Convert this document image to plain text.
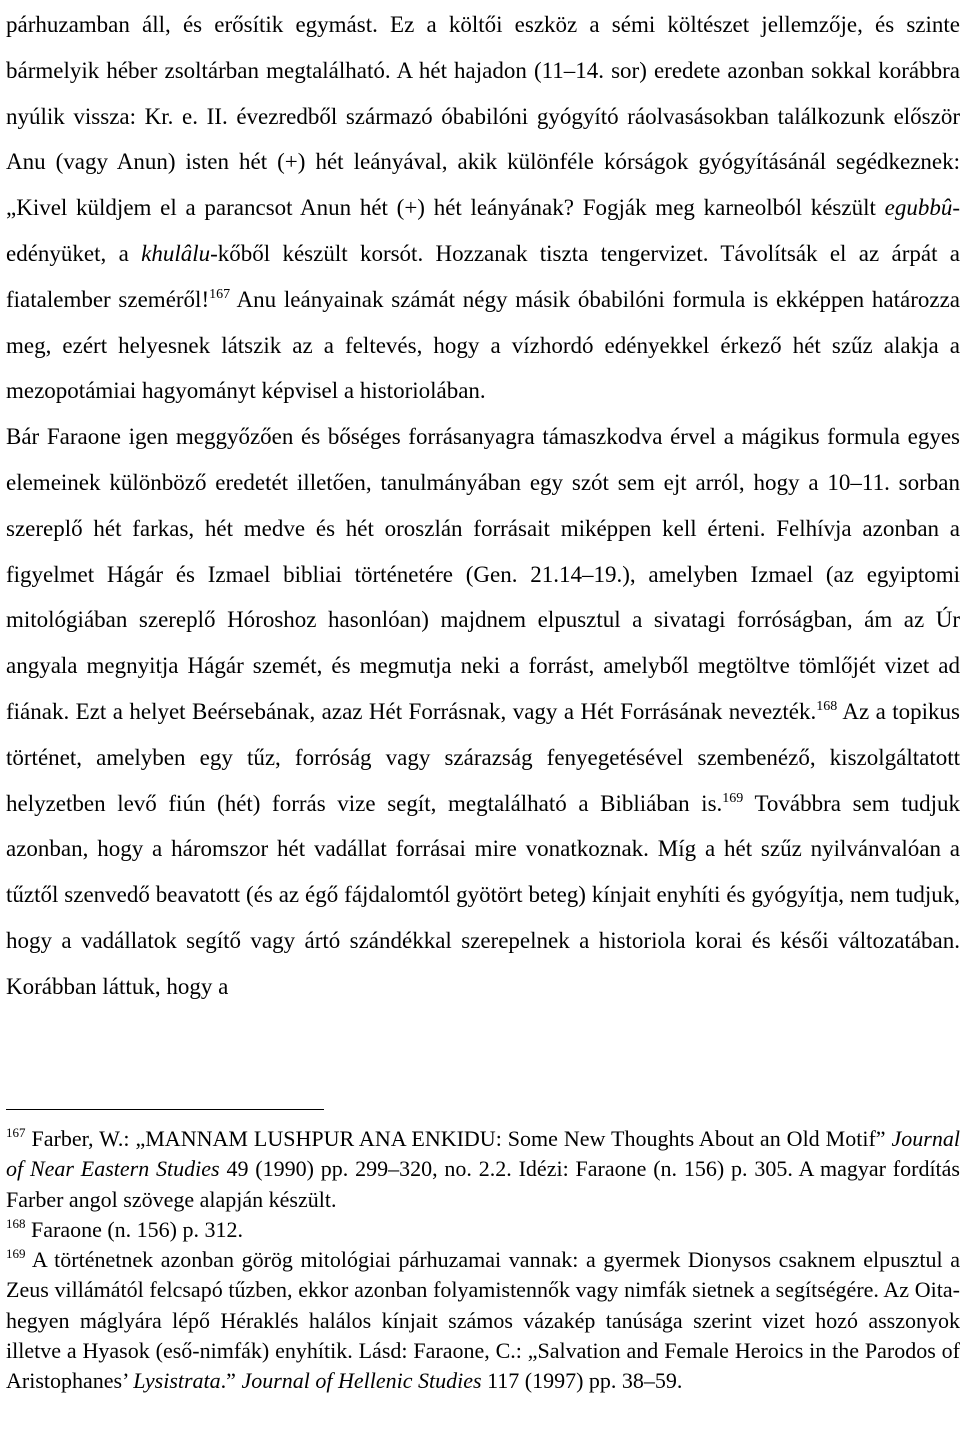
párhuzamban áll, és erősítik egymást. Ez a költői eszköz a sémi költészet jellemzője, és szinte bármelyik héber zsoltárban megtalálható. A hét hajadon (11–14. sor) eredete azonban sokkal korábbra nyúlik vissza: Kr. e. II. évezredből származó óbabilóni gyógyító ráolvasásokban találkozunk először Anu (vagy Anun) isten hét (+) hét leányával, akik különféle kórságok gyógyításánál segédkeznek: „Kivel küldjem el a parancsot Anun hét (+) hét leányának? Fogják meg karneolból készült egubbû-edényüket, a khulâlu-kőből készült korsót. Hozzanak tiszta tengervizet. Távolítsák el az árpát a fiatalember szeméről!$^{167}$ Anu leányainak számát négy másik óbabilóni formula is ekképpen határozza meg, ezért helyesnek látszik az a feltevés, hogy a vízhordó edényekkel érkező hét szűz alakja a mezopotámiai hagyományt képvisel a historiolában.

Bár Faraone igen meggyőzően és bőséges forrásanyagra támaszkodva érvel a mágikus formula egyes elemeinek különböző eredetét illetően, tanulmányában egy szót sem ejt arról, hogy a 10–11. sorban szereplő hét farkas, hét medve és hét oroszlán forrásait miképpen kell érteni. Felhívja azonban a figyelmet Hágár és Izmael bibliai történetére (Gen. 21.14–19.), amelyben Izmael (az egyiptomi mitológiában szereplő Hóroshoz hasonlóan) majdnem elpusztul a sivatagi forróságban, ám az Úr angyala megnyitja Hágár szemét, és megmutja neki a forrást, amelyből megtöltve tömlőjét vizet ad fiának. Ezt a helyet Beérsebának, azaz Hét Forrásnak, vagy a Hét Forrásának nevezték.$^{168}$ Az a topikus történet, amelyben egy tűz, forróság vagy szárazság fenyegetésével szembenéző, kiszolgáltatott helyzetben levő fiún (hét) forrás vize segít, megtalálható a Bibliában is.$^{169}$ Továbbra sem tudjuk azonban, hogy a háromszor hét vadállat forrásai mire vonatkoznak. Míg a hét szűz nyilvánvalóan a tűztől szenvedő beavatott (és az égő fájdalomtól gyötört beteg) kínjait enyhíti és gyógyítja, nem tudjuk, hogy a vadállatok segítő vagy ártó szándékkal szerepelnek a historiola korai és késői változatában. Korábban láttuk, hogy a

$^{167}$ Farber, W.: „MANNAM LUSHPUR ANA ENKIDU: Some New Thoughts About an Old Motif” Journal of Near Eastern Studies 49 (1990) pp. 299–320, no. 2.2. Idézi: Faraone (n. 156) p. 305. A magyar fordítás Farber angol szövege alapján készült.

$^{168}$ Faraone (n. 156) p. 312.

$^{169}$ A történetnek azonban görög mitológiai párhuzamai vannak: a gyermek Dionysos csaknem elpusztul a Zeus villámától felcsapó tűzben, ekkor azonban folyamistennők vagy nimfák sietnek a segítségére. Az Oita-hegyen máglyára lépő Héraklés halálos kínjait számos vázakép tanúsága szerint vizet hozó asszonyok illetve a Hyasok (eső-nimfák) enyhítik. Lásd: Faraone, C.: „Salvation and Female Heroics in the Parodos of Aristophanes’ Lysistrata.” Journal of Hellenic Studies 117 (1997) pp. 38–59.
